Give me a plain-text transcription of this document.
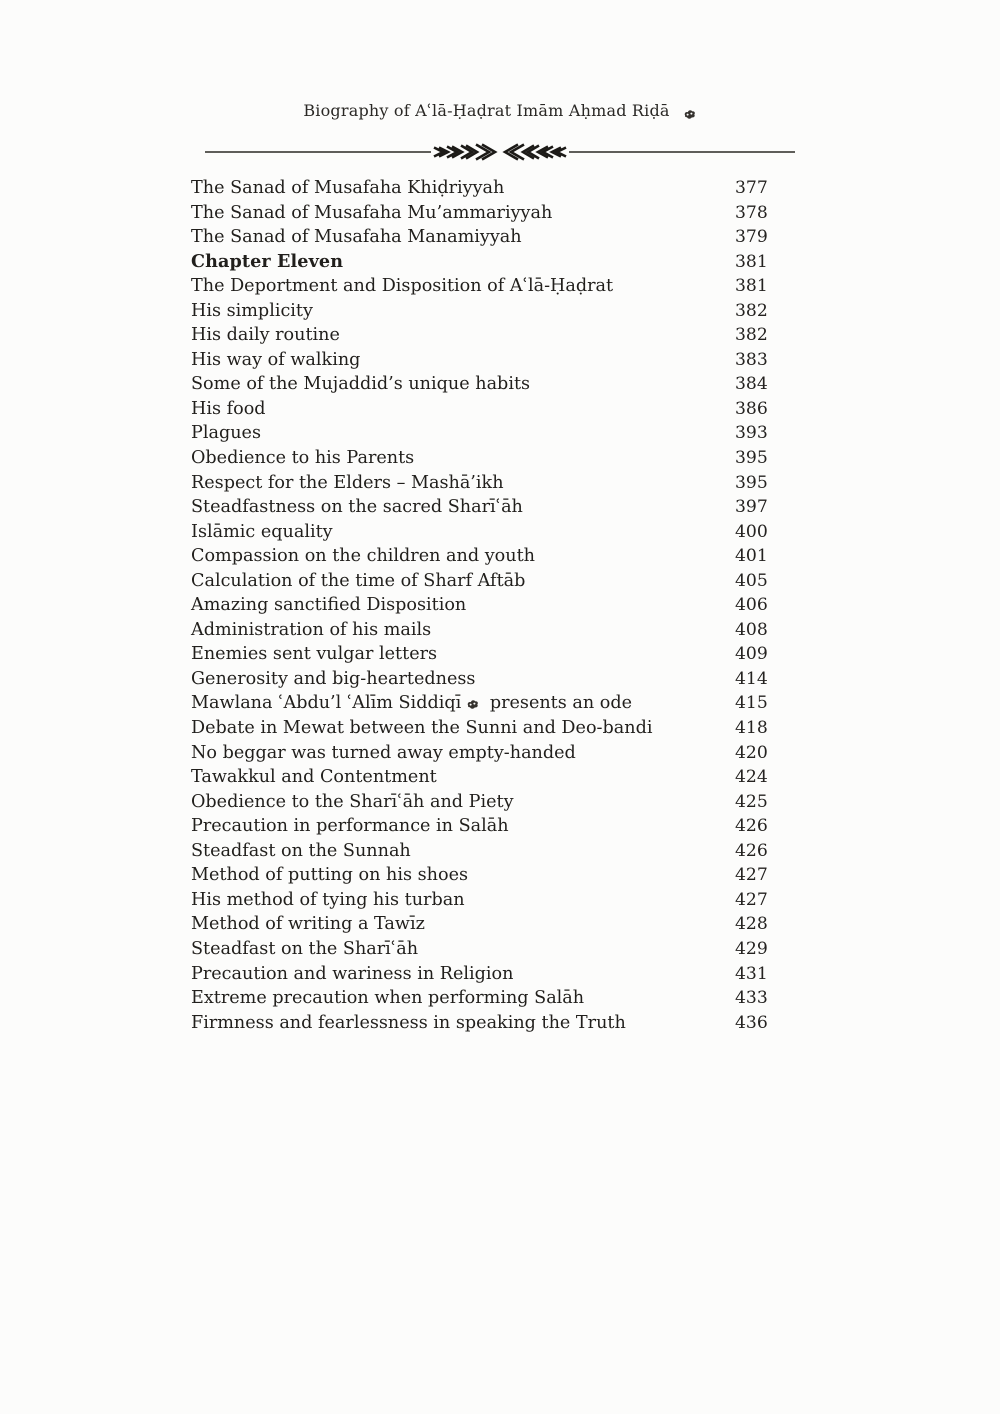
Biography of Aʿlā-Ḥaḍrat Imām Aḥmad Riḍā
The Sanad of Musafaha Khiḍriyyah	377
The Sanad of Musafaha Mu’ammariyyah	378
The Sanad of Musafaha Manamiyyah	379
Chapter Eleven	381
The Deportment and Disposition of Aʿlā-Ḥaḍrat	381
His simplicity	382
His daily routine	382
His way of walking	383
Some of the Mujaddid’s unique habits	384
His food	386
Plagues	393
Obedience to his Parents	395
Respect for the Elders – Mashā’ikh	395
Steadfastness on the sacred Sharīʿāh	397
Islāmic equality	400
Compassion on the children and youth	401
Calculation of the time of Sharf Aftāb	405
Amazing sanctified Disposition	406
Administration of his mails	408
Enemies sent vulgar letters	409
Generosity and big-heartedness	414
Mawlana ʿAbdu’l ʿAlīm Siddiqī presents an ode	415
Debate in Mewat between the Sunni and Deo-bandi	418
No beggar was turned away empty-handed	420
Tawakkul and Contentment	424
Obedience to the Sharīʿāh and Piety	425
Precaution in performance in Salāh	426
Steadfast on the Sunnah	426
Method of putting on his shoes	427
His method of tying his turban	427
Method of writing a Tawīz	428
Steadfast on the Sharīʿāh	429
Precaution and wariness in Religion	431
Extreme precaution when performing Salāh	433
Firmness and fearlessness in speaking the Truth	436
